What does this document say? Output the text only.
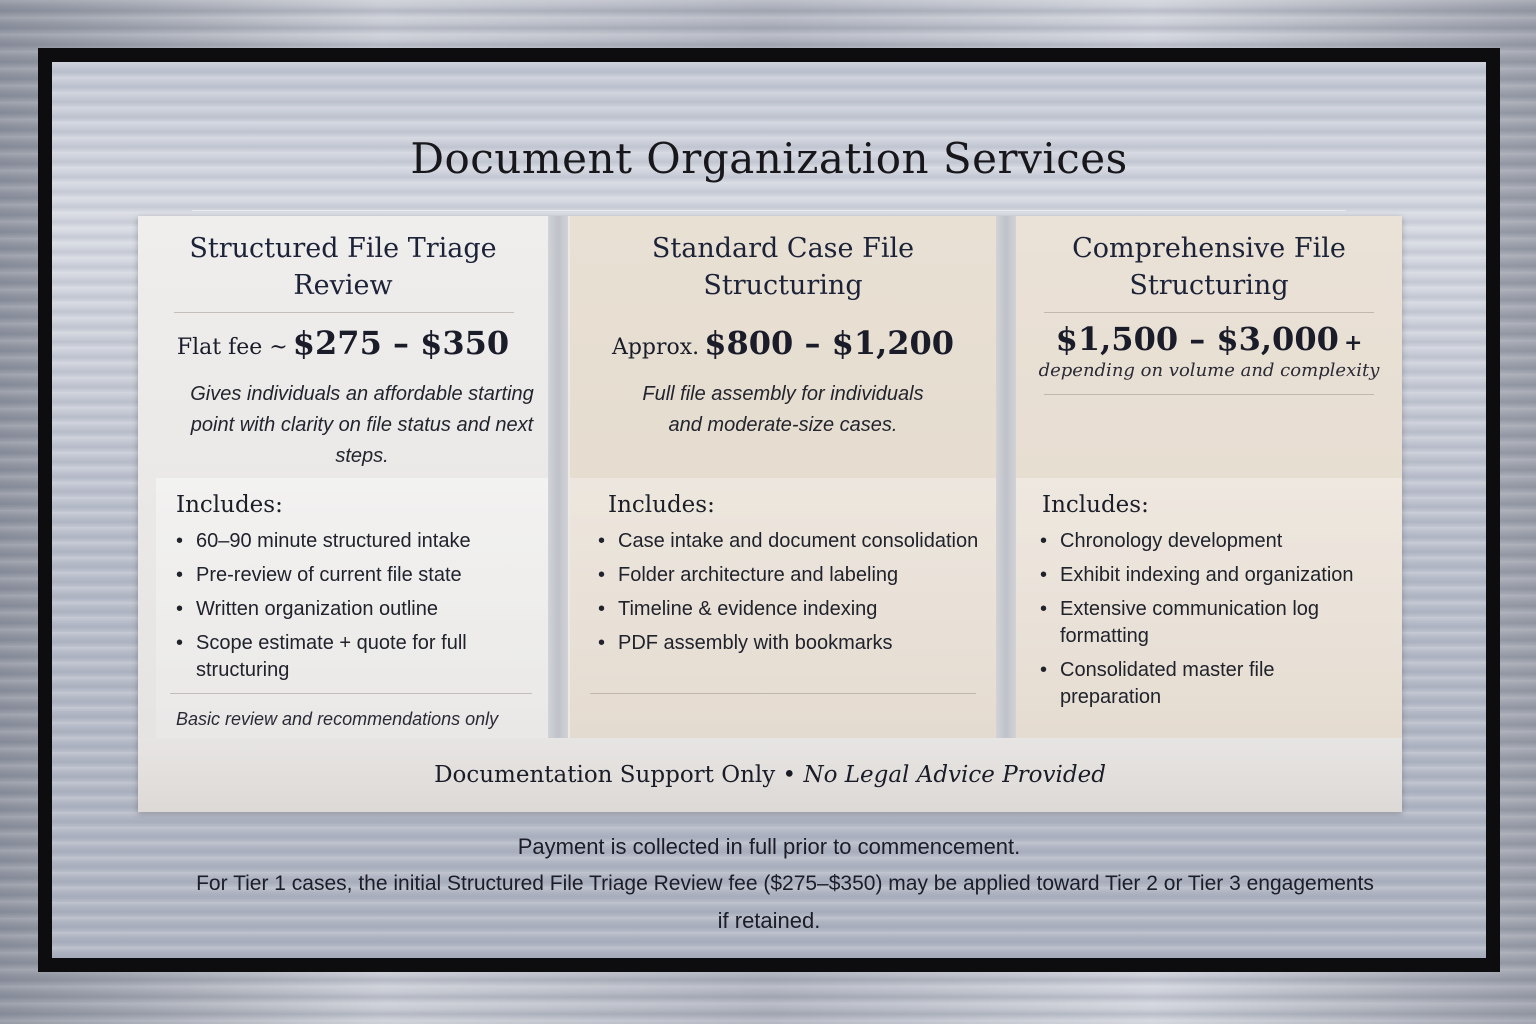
Document Organization Services
Structured File Triage
Review
Flat fee ~ $275 – $350
Gives individuals an affordable starting point with clarity on file status and next steps.
Includes:
• 60–90 minute structured intake
• Pre-review of current file state
• Written organization outline
• Scope estimate + quote for full structuring
Basic review and recommendations only
Standard Case File
Structuring
Approx. $800 – $1,200
Full file assembly for individuals and moderate-size cases.
Includes:
• Case intake and document consolidation
• Folder architecture and labeling
• Timeline & evidence indexing
• PDF assembly with bookmarks
Comprehensive File
Structuring
$1,500 – $3,000 +
depending on volume and complexity
Includes:
• Chronology development
• Exhibit indexing and organization
• Extensive communication log formatting
• Consolidated master file preparation
Documentation Support Only • No Legal Advice Provided
Payment is collected in full prior to commencement.
For Tier 1 cases, the initial Structured File Triage Review fee ($275–$350) may be applied toward Tier 2 or Tier 3 engagements
if retained.
